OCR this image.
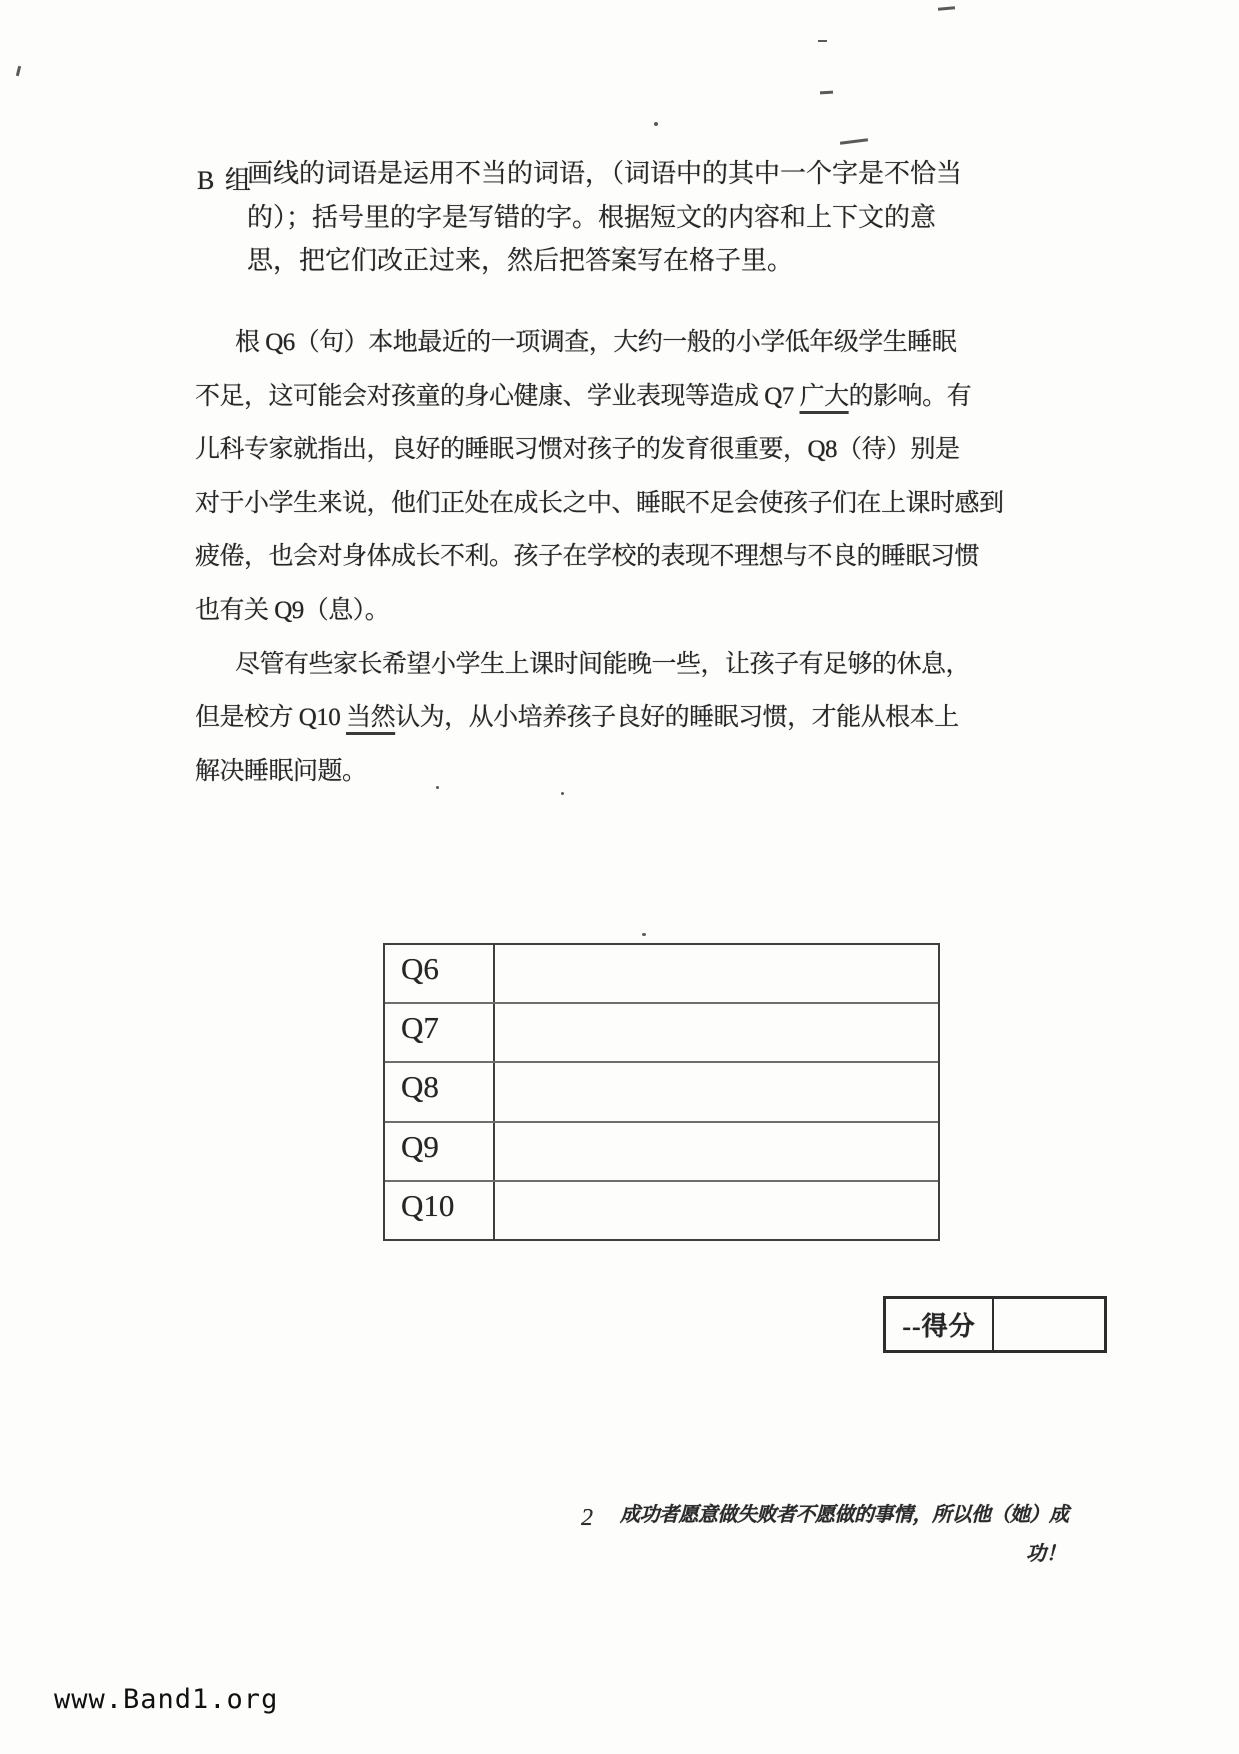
B 组
画线的词语是运用不当的词语，（词语中的其中一个字是不恰当
的）；括号里的字是写错的字。根据短文的内容和上下文的意
思，把它们改正过来，然后把答案写在格子里。
根 Q6（句）本地最近的一项调查，大约一般的小学低年级学生睡眠
不足，这可能会对孩童的身心健康、学业表现等造成 Q7 广大的影响。有
儿科专家就指出，良好的睡眠习惯对孩子的发育很重要，Q8（待）别是
对于小学生来说，他们正处在成长之中、睡眠不足会使孩子们在上课时感到
疲倦，也会对身体成长不利。孩子在学校的表现不理想与不良的睡眠习惯
也有关 Q9（息）。
尽管有些家长希望小学生上课时间能晚一些，让孩子有足够的休息，
但是校方 Q10 当然认为，从小培养孩子良好的睡眠习惯，才能从根本上
解决睡眠问题。
Q6
Q7
Q8
Q9
Q10
--得分
2 成功者愿意做失败者不愿做的事情，所以他（她）成
功！
www.Band1.org
